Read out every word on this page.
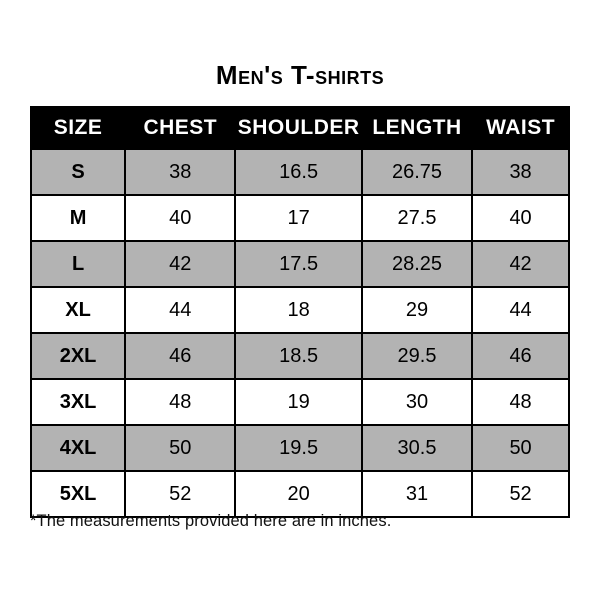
Men's T-shirts
SIZE	CHEST	SHOULDER	LENGTH	WAIST
S	38	16.5	26.75	38
M	40	17	27.5	40
L	42	17.5	28.25	42
XL	44	18	29	44
2XL	46	18.5	29.5	46
3XL	48	19	30	48
4XL	50	19.5	30.5	50
5XL	52	20	31	52
*The measurements provided here are in inches.
